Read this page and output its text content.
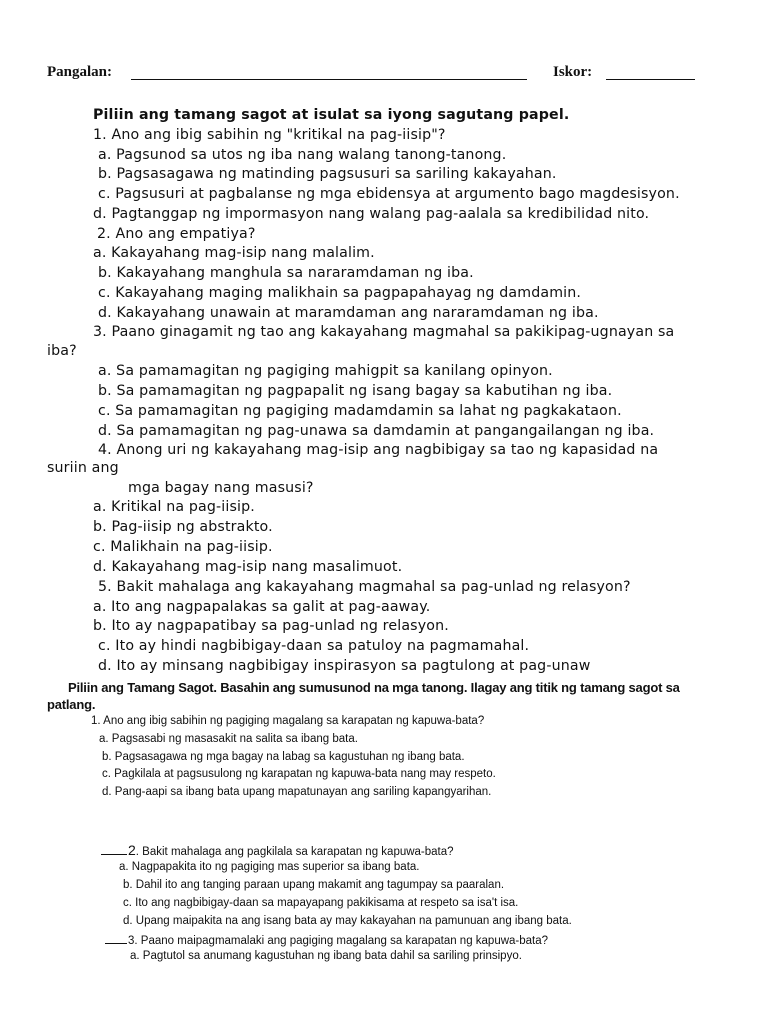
Pangalan:	Iskor:
Piliin ang tamang sagot at isulat sa iyong sagutang papel.
1. Ano ang ibig sabihin ng "kritikal na pag-iisip"?
a. Pagsunod sa utos ng iba nang walang tanong-tanong.
b. Pagsasagawa ng matinding pagsusuri sa sariling kakayahan.
c. Pagsusuri at pagbalanse ng mga ebidensya at argumento bago magdesisyon.
d. Pagtanggap ng impormasyon nang walang pag-aalala sa kredibilidad nito.
2. Ano ang empatiya?
a. Kakayahang mag-isip nang malalim.
b. Kakayahang manghula sa nararamdaman ng iba.
c. Kakayahang maging malikhain sa pagpapahayag ng damdamin.
d. Kakayahang unawain at maramdaman ang nararamdaman ng iba.
3. Paano ginagamit ng tao ang kakayahang magmahal sa pakikipag-ugnayan sa
iba?
a. Sa pamamagitan ng pagiging mahigpit sa kanilang opinyon.
b. Sa pamamagitan ng pagpapalit ng isang bagay sa kabutihan ng iba.
c. Sa pamamagitan ng pagiging madamdamin sa lahat ng pagkakataon.
d. Sa pamamagitan ng pag-unawa sa damdamin at pangangailangan ng iba.
4. Anong uri ng kakayahang mag-isip ang nagbibigay sa tao ng kapasidad na
suriin ang
mga bagay nang masusi?
a. Kritikal na pag-iisip.
b. Pag-iisip ng abstrakto.
c. Malikhain na pag-iisip.
d. Kakayahang mag-isip nang masalimuot.
5. Bakit mahalaga ang kakayahang magmahal sa pag-unlad ng relasyon?
a. Ito ang nagpapalakas sa galit at pag-aaway.
b. Ito ay nagpapatibay sa pag-unlad ng relasyon.
c. Ito ay hindi nagbibigay-daan sa patuloy na pagmamahal.
d. Ito ay minsang nagbibigay inspirasyon sa pagtulong at pag-unaw
Piliin ang Tamang Sagot. Basahin ang sumusunod na mga tanong. Ilagay ang titik ng tamang sagot sa
patlang.
1. Ano ang ibig sabihin ng pagiging magalang sa karapatan ng kapuwa-bata?
a. Pagsasabi ng masasakit na salita sa ibang bata.
b. Pagsasagawa ng mga bagay na labag sa kagustuhan ng ibang bata.
c. Pagkilala at pagsusulong ng karapatan ng kapuwa-bata nang may respeto.
d. Pang-aapi sa ibang bata upang mapatunayan ang sariling kapangyarihan.
2. Bakit mahalaga ang pagkilala sa karapatan ng kapuwa-bata?
a. Nagpapakita ito ng pagiging mas superior sa ibang bata.
b. Dahil ito ang tanging paraan upang makamit ang tagumpay sa paaralan.
c. Ito ang nagbibigay-daan sa mapayapang pakikisama at respeto sa isa't isa.
d. Upang maipakita na ang isang bata ay may kakayahan na pamunuan ang ibang bata.
3. Paano maipagmamalaki ang pagiging magalang sa karapatan ng kapuwa-bata?
a. Pagtutol sa anumang kagustuhan ng ibang bata dahil sa sariling prinsipyo.
